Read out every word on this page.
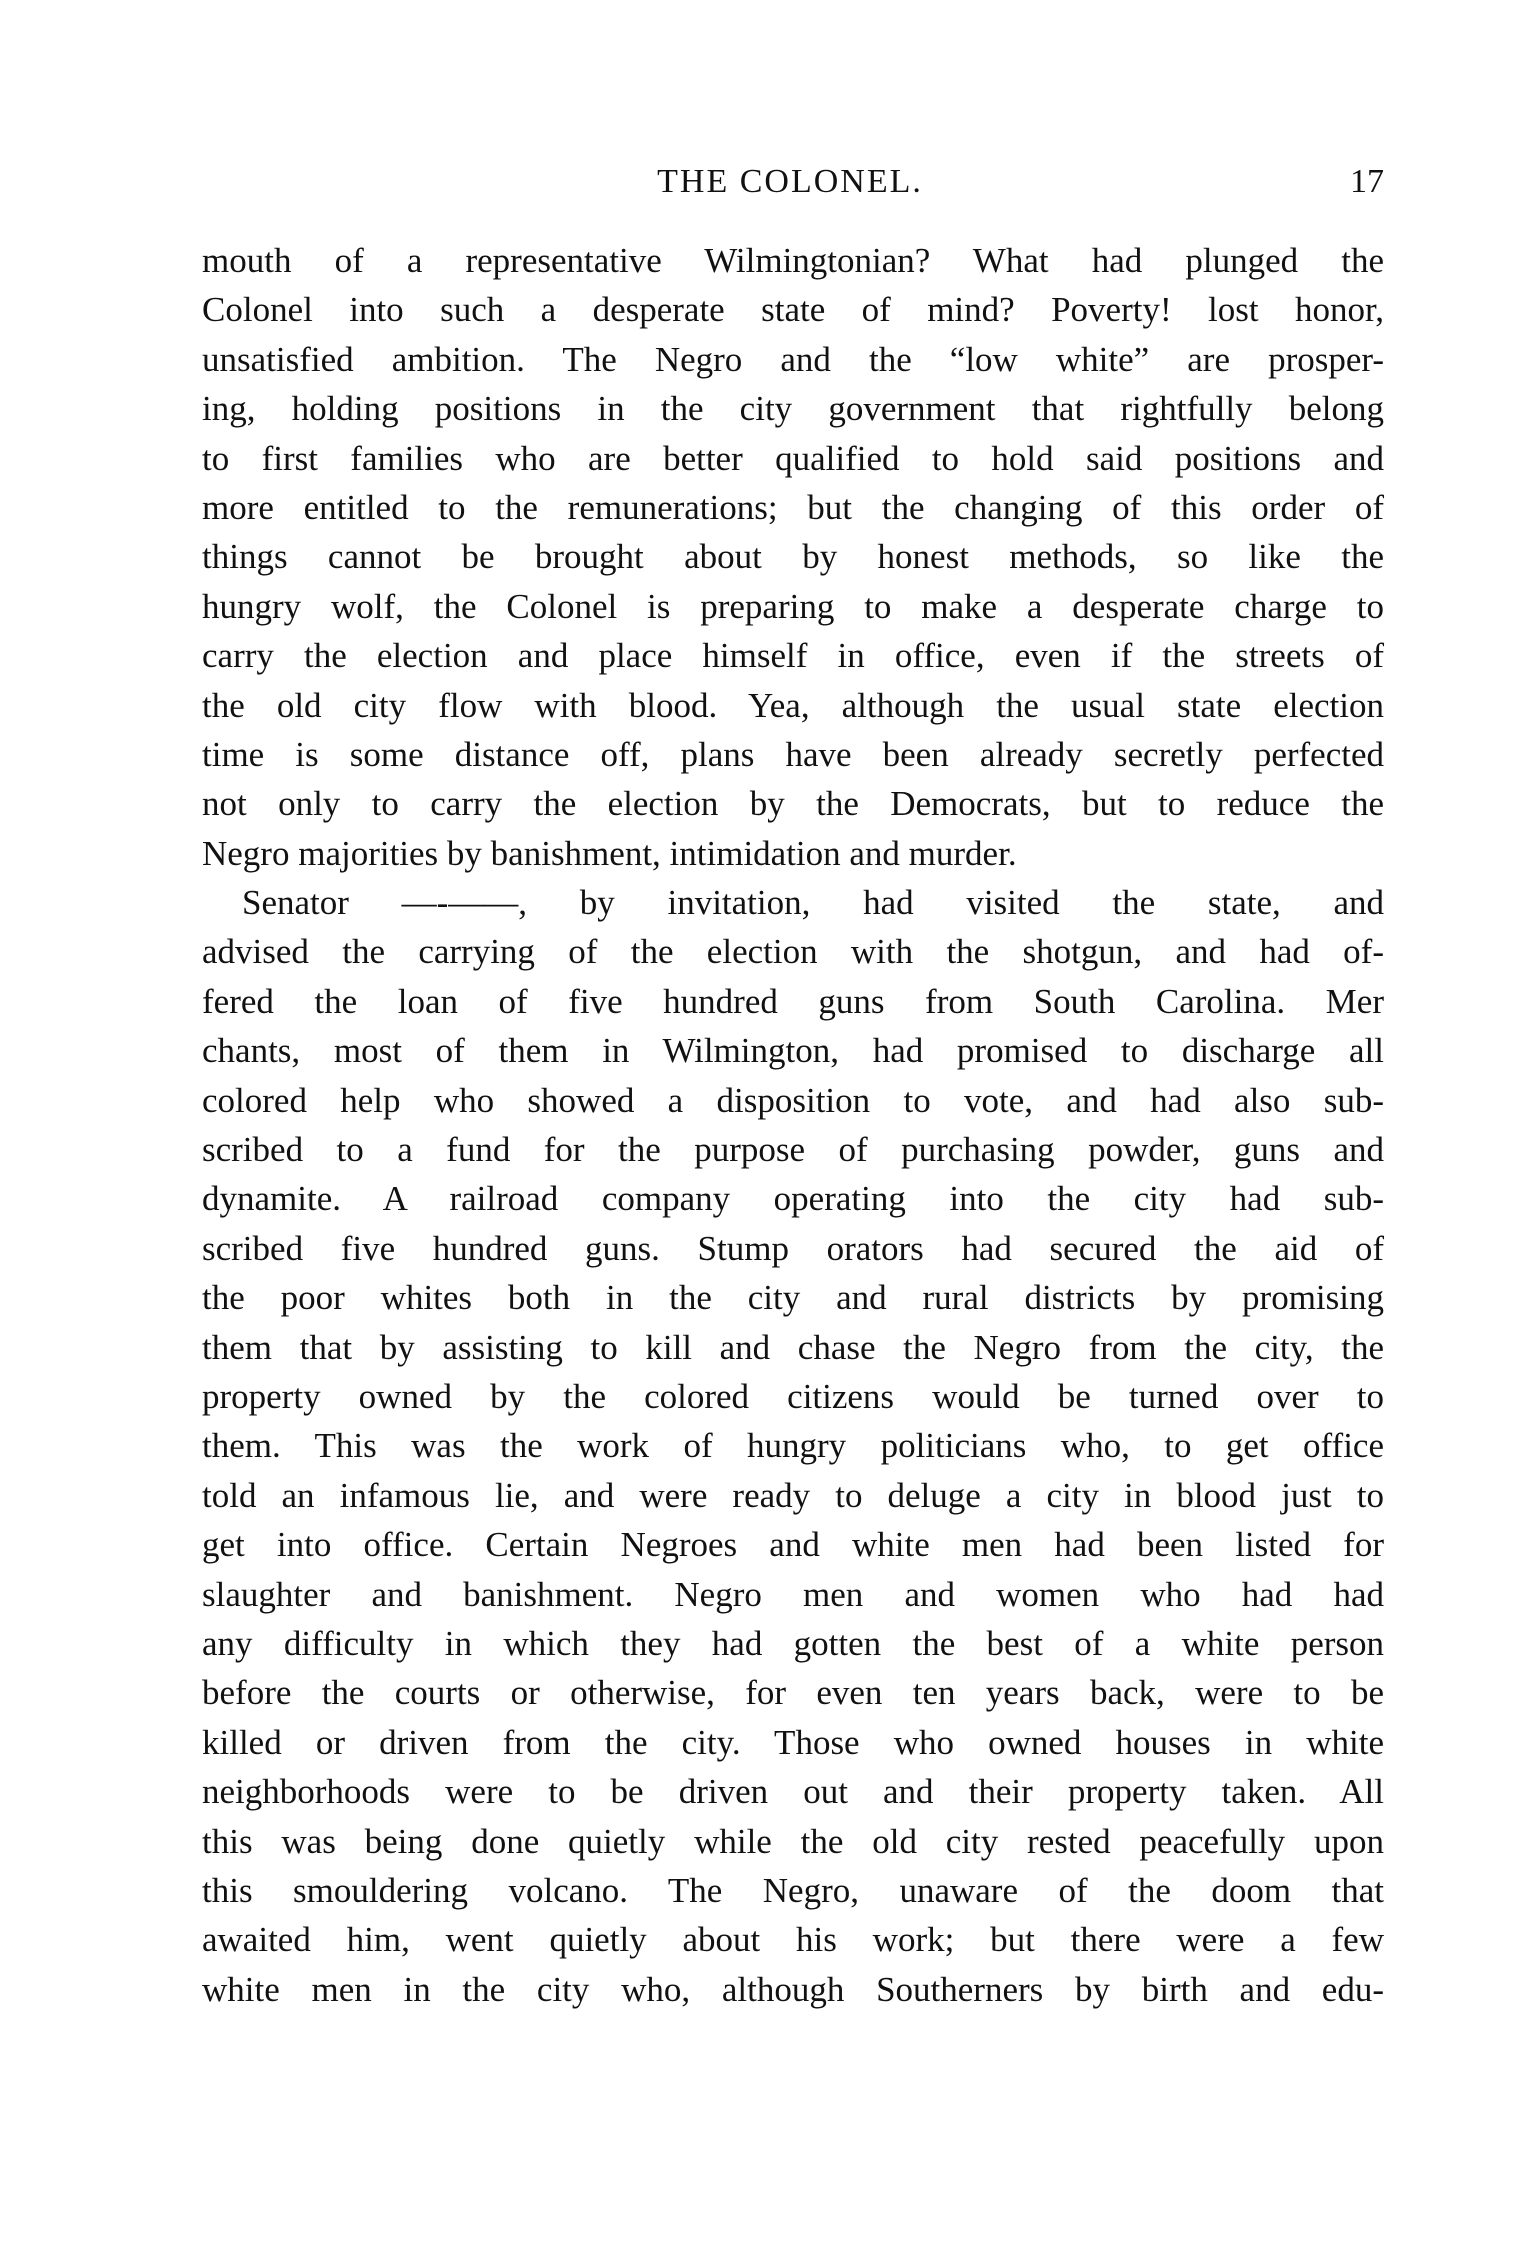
THE COLONEL.	17
mouth of a representative Wilmingtonian? What had plunged the
Colonel into such a desperate state of mind? Poverty! lost honor,
unsatisfied ambition. The Negro and the “low white” are prosper-
ing, holding positions in the city government that rightfully belong
to first families who are better qualified to hold said positions and
more entitled to the remunerations; but the changing of this order of
things cannot be brought about by honest methods, so like the
hungry wolf, the Colonel is preparing to make a desperate charge to
carry the election and place himself in office, even if the streets of
the old city flow with blood. Yea, although the usual state election
time is some distance off, plans have been already secretly perfected
not only to carry the election by the Democrats, but to reduce the
Negro majorities by banishment, intimidation and murder.
Senator —-——, by invitation, had visited the state, and
advised the carrying of the election with the shotgun, and had of-
fered the loan of five hundred guns from South Carolina. Mer
chants, most of them in Wilmington, had promised to discharge all
colored help who showed a disposition to vote, and had also sub-
scribed to a fund for the purpose of purchasing powder, guns and
dynamite. A railroad company operating into the city had sub-
scribed five hundred guns. Stump orators had secured the aid of
the poor whites both in the city and rural districts by promising
them that by assisting to kill and chase the Negro from the city, the
property owned by the colored citizens would be turned over to
them. This was the work of hungry politicians who, to get office
told an infamous lie, and were ready to deluge a city in blood just to
get into office. Certain Negroes and white men had been listed for
slaughter and banishment. Negro men and women who had had
any difficulty in which they had gotten the best of a white person
before the courts or otherwise, for even ten years back, were to be
killed or driven from the city. Those who owned houses in white
neighborhoods were to be driven out and their property taken. All
this was being done quietly while the old city rested peacefully upon
this smouldering volcano. The Negro, unaware of the doom that
awaited him, went quietly about his work; but there were a few
white men in the city who, although Southerners by birth and edu-
